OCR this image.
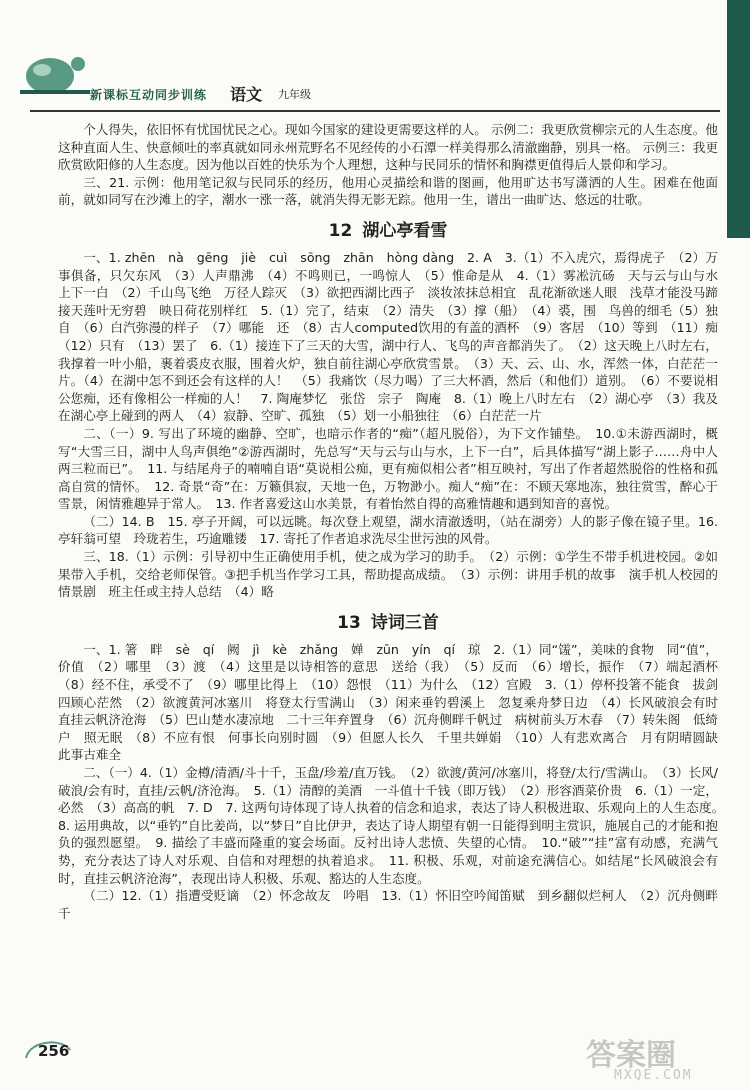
新课标互动同步训练 语文 九年级

个人得失，依旧怀有忧国忧民之心。现如今国家的建设更需要这样的人。 示例二：我更欣赏柳宗元的人生态度。他这种直面人生、快意倾吐的率真就如同永州荒野名不见经传的小石潭一样美得那么清澈幽静，别具一格。 示例三：我更欣赏欧阳修的人生态度。因为他以百姓的快乐为个人理想，这种与民同乐的情怀和胸襟更值得后人景仰和学习。

三、21. 示例：他用笔记叙与民同乐的经历，他用心灵描绘和谐的图画，他用旷达书写潇洒的人生。困难在他面前，就如同写在沙滩上的字，潮水一涨一落，就消失得无影无踪。他用一生，谱出一曲旷达、悠远的壮歌。

12 湖心亭看雪

一、1. zhēn　nà　gēng　jiè　cuì　sōng　zhān　hòng dàng　2. A　3.（1）不入虎穴，焉得虎子　（2）万事俱备，只欠东风　（3）人声鼎沸　（4）不鸣则已，一鸣惊人　（5）惟命是从　4.（1）雾凇沆砀　天与云与山与水　上下一白　（2）千山鸟飞绝　万径人踪灭　（3）欲把西湖比西子　淡妆浓抹总相宜　乱花渐欲迷人眼　浅草才能没马蹄　接天莲叶无穷碧　映日荷花别样红　5.（1）完了，结束　（2）清失　（3）撑（船）　（4）裘，围　鸟兽的细毛（5）独自　（6）白汽弥漫的样子　（7）哪能　还　（8）古人computed饮用的有盖的酒杯　（9）客居　（10）等到　（11）痴　（12）只有　（13）罢了　6.（1）接连下了三天的大雪，湖中行人、飞鸟的声音都消失了。　（2）这天晚上八时左右，我撑着一叶小船，裹着裘皮衣服，围着火炉，独自前往湖心亭欣赏雪景。　（3）天、云、山、水，浑然一体，白茫茫一片。（4）在湖中怎不到还会有这样的人！　（5）我痛饮（尽力喝）了三大杯酒，然后（和他们）道别。　（6）不要说相公您痴，还有像相公一样痴的人！　7. 陶庵梦忆　张岱　宗子　陶庵　8.（1）晚上八时左右　（2）湖心亭　（3）我及在湖心亭上碰到的两人　（4）寂静、空旷、孤独　（5）划一小船独往　（6）白茫茫一片

二、（一）9. 写出了环境的幽静、空旷，也暗示作者的“痴”（超凡脱俗），为下文作铺垫。　10.①未游西湖时，概写“大雪三日，湖中人鸟声俱绝”②游西湖时，先总写“天与云与山与水，上下一白”，后具体描写“湖上影子……舟中人两三粒而已”。　11. 与结尾舟子的喃喃自语“莫说相公痴，更有痴似相公者”相互映衬，写出了作者超然脱俗的性格和孤高自赏的情怀。　12. 奇景“奇”在：万籁俱寂，天地一色，万物渺小。痴人“痴”在：不顾天寒地冻，独往赏雪，醉心于雪景，闲情雅趣异于常人。　13. 作者喜爱这山水美景，有着怡然自得的高雅情趣和遇到知音的喜悦。

（二）14. B　15. 亭子开阔，可以远眺。每次登上观望，湖水清澈透明，（站在湖旁）人的影子像在镜子里。16. 亭轩翁可望　玲珑若生，巧逾雕镂　17. 寄托了作者追求洗尽尘世污浊的风骨。

三、18.（1）示例：引导初中生正确使用手机，使之成为学习的助手。　（2）示例：①学生不带手机进校园。②如果带入手机，交给老师保管。③把手机当作学习工具，帮助提高成绩。　（3）示例：讲用手机的故事　演手机人校园的情景剧　班主任或主持人总结　（4）略

13 诗词三首

一、1. 箸　畔　sè　qí　阙　jì　kè　zhǎng　婵　zūn　yín　qí　琼　2.（1）同“馐”，美味的食物　同“值”，价值　（2）哪里　（3）渡　（4）这里是以诗相答的意思　送给（我）　（5）反而　（6）增长，振作　（7）端起酒杯　（8）经不住，承受不了　（9）哪里比得上　（10）怨恨　（11）为什么　（12）宫殿　3.（1）停杯投箸不能食　拔剑四顾心茫然　（2）欲渡黄河冰塞川　将登太行雪满山　（3）闲来垂钓碧溪上　忽复乘舟梦日边　（4）长风破浪会有时　直挂云帆济沧海　（5）巴山楚水凄凉地　二十三年弃置身　（6）沉舟侧畔千帆过　病树前头万木春　（7）转朱阁　低绮户　照无眠　（8）不应有恨　何事长向别时圆　（9）但愿人长久　千里共婵娟　（10）人有悲欢离合　月有阴晴圆缺　此事古难全

二、（一）4.（1）金樽/清酒/斗十千，玉盘/珍羞/直万钱。　（2）欲渡/黄河/冰塞川，将登/太行/雪满山。　（3）长风/破浪/会有时，直挂/云帆/济沧海。　5.（1）清醇的美酒　一斗值十千钱（即万钱）　（2）形容酒菜价贵　6.（1）一定，必然　（3）高高的帆　7. D　7. 这两句诗体现了诗人执着的信念和追求，表达了诗人积极进取、乐观向上的人生态度。　8. 运用典故，以“垂钓”自比姜尚，以“梦日”自比伊尹，表达了诗人期望有朝一日能得到明主赏识，施展自己的才能和抱负的强烈愿望。　9. 描绘了丰盛而隆重的宴会场面。反衬出诗人悲愤、失望的心情。　10.“破”“挂”富有动感，充满气势，充分表达了诗人对乐观、自信和对理想的执着追求。　11. 积极、乐观，对前途充满信心。如结尾“长风破浪会有时，直挂云帆济沧海”，表现出诗人积极、乐观、豁达的人生态度。

（二）12.（1）指遭受贬谪　（2）怀念故友　吟唱　13.（1）怀旧空吟闻笛赋　到乡翻似烂柯人　（2）沉舟侧畔千

256	答案圈
MXQE.COM
